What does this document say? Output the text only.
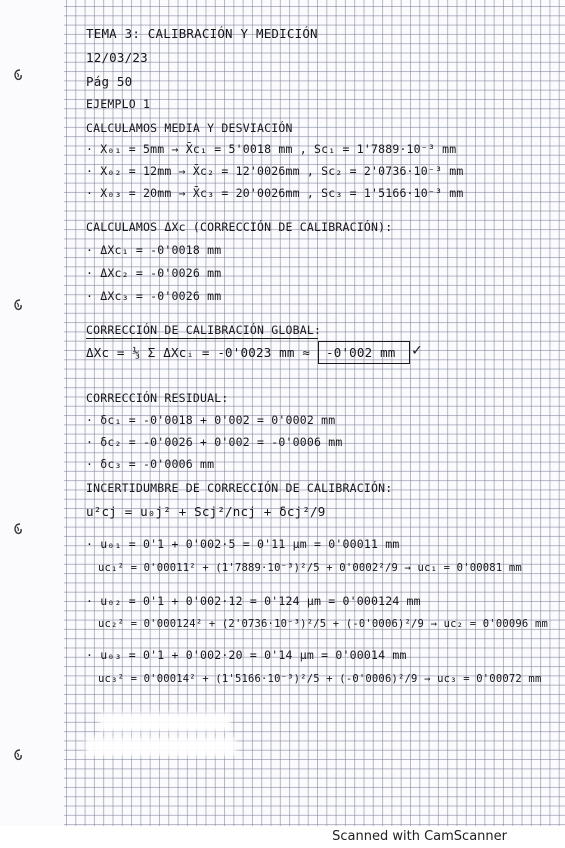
TEMA 3: CALIBRACIÓN Y MEDICIÓN
12/03/23
Pág 50
EJEMPLO 1
CALCULAMOS MEDIA Y DESVIACIÓN
· X₀₁ = 5mm → X̄c₁ = 5'0018 mm , Sc₁ = 1'7889·10⁻³ mm
· X₀₂ = 12mm → X̄c₂ = 12'0026mm , Sc₂ = 2'0736·10⁻³ mm
· X₀₃ = 20mm → X̄c₃ = 20'0026mm , Sc₃ = 1'5166·10⁻³ mm
CALCULAMOS ΔXc (CORRECCIÓN DE CALIBRACIÓN):
· ΔXc₁ = -0'0018 mm
· ΔXc₂ = -0'0026 mm
· ΔXc₃ = -0'0026 mm
CORRECCIÓN DE CALIBRACIÓN GLOBAL:
ΔXc = ⅓ Σ ΔXcᵢ = -0'0023 mm ≈ -0'002 mm ✓
CORRECCIÓN RESIDUAL:
· δc₁ = -0'0018 + 0'002 = 0'0002 mm
· δc₂ = -0'0026 + 0'002 = -0'0006 mm
· δc₃ = -0'0006 mm
INCERTIDUMBRE DE CORRECCIÓN DE CALIBRACIÓN:
u²cj = u₀j² + Scj²/ncj + δcj²/9
· u₀₁ = 0'1 + 0'002·5 = 0'11 µm = 0'00011 mm
uc₁² = 0'00011² + (1'7889·10⁻³)²/5 + 0'0002²/9 → uc₁ = 0'00081 mm
· u₀₂ = 0'1 + 0'002·12 = 0'124 µm = 0'000124 mm
uc₂² = 0'000124² + (2'0736·10⁻³)²/5 + (-0'0006)²/9 → uc₂ = 0'00096 mm
· u₀₃ = 0'1 + 0'002·20 = 0'14 µm = 0'00014 mm
uc₃² = 0'00014² + (1'5166·10⁻³)²/5 + (-0'0006)²/9 → uc₃ = 0'00072 mm
Scanned with CamScanner
